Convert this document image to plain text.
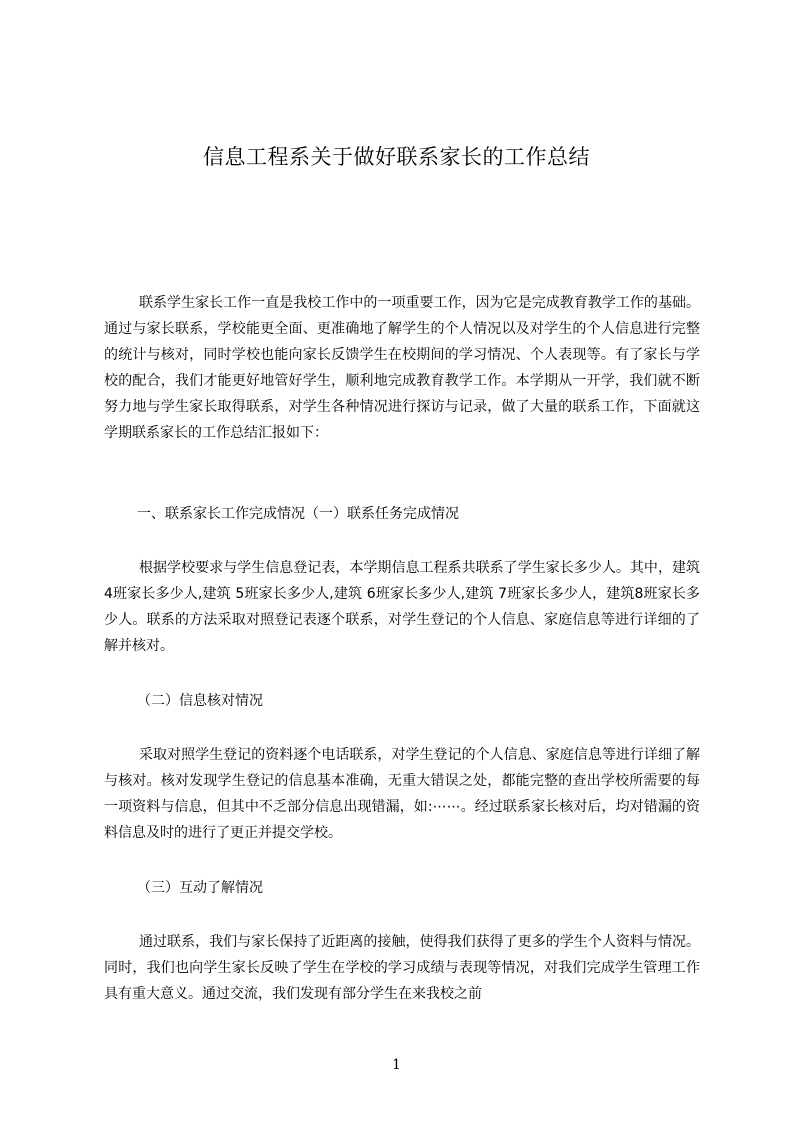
信息工程系关于做好联系家长的工作总结

联系学生家长工作一直是我校工作中的一项重要工作，因为它是完成教育教学工作的基础。通过与家长联系，学校能更全面、更准确地了解学生的个人情况以及对学生的个人信息进行完整的统计与核对，同时学校也能向家长反馈学生在校期间的学习情况、个人表现等。有了家长与学校的配合，我们才能更好地管好学生，顺利地完成教育教学工作。本学期从一开学，我们就不断努力地与学生家长取得联系，对学生各种情况进行探访与记录，做了大量的联系工作，下面就这学期联系家长的工作总结汇报如下：

一、联系家长工作完成情况（一）联系任务完成情况

根据学校要求与学生信息登记表，本学期信息工程系共联系了学生家长多少人。其中，建筑4班家长多少人,建筑 5班家长多少人,建筑 6班家长多少人,建筑 7班家长多少人，建筑8班家长多少人。联系的方法采取对照登记表逐个联系，对学生登记的个人信息、家庭信息等进行详细的了解并核对。

（二）信息核对情况

采取对照学生登记的资料逐个电话联系，对学生登记的个人信息、家庭信息等进行详细了解与核对。核对发现学生登记的信息基本准确，无重大错误之处，都能完整的查出学校所需要的每一项资料与信息，但其中不乏部分信息出现错漏，如:⋯⋯。经过联系家长核对后，均对错漏的资料信息及时的进行了更正并提交学校。

（三）互动了解情况

通过联系，我们与家长保持了近距离的接触，使得我们获得了更多的学生个人资料与情况。同时，我们也向学生家长反映了学生在学校的学习成绩与表现等情况，对我们完成学生管理工作具有重大意义。通过交流，我们发现有部分学生在来我校之前

1
